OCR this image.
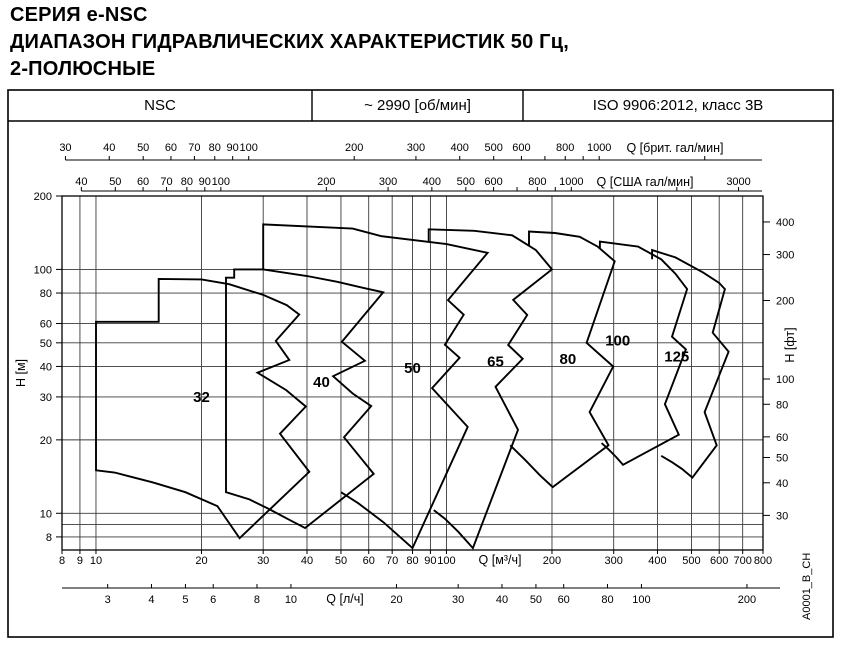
СЕРИЯ e-NSC
ДИАПАЗОН ГИДРАВЛИЧЕСКИХ ХАРАКТЕРИСТИК 50 Гц,
2-ПОЛЮСНЫЕ
NSC	~ 2990 [об/мин]	ISO 9906:2012, класс 3В
32
40
50	65	80
100
125
30	40 50 60 70 80 90 100	200	300 400 500 600 800 1000 Q [брит. гал/мин]
40 50 60 70 80 90 100	200	300 400 500 600 800 1000	3000
Q [США гал/мин]
8 9 10	20	30	40 50 60 70 80 90 100	200	300 400 500 600 700 800
Q [м³/ч]
3	4	5 6	8 10	20	30	40 50 60	80 100	200
Q [л/ч]
200
100
80
60
50
40
30
20
10
8
H [м]
400
300
200
100
80
60
50
40
30
H [фт]
A0001_B_CH
